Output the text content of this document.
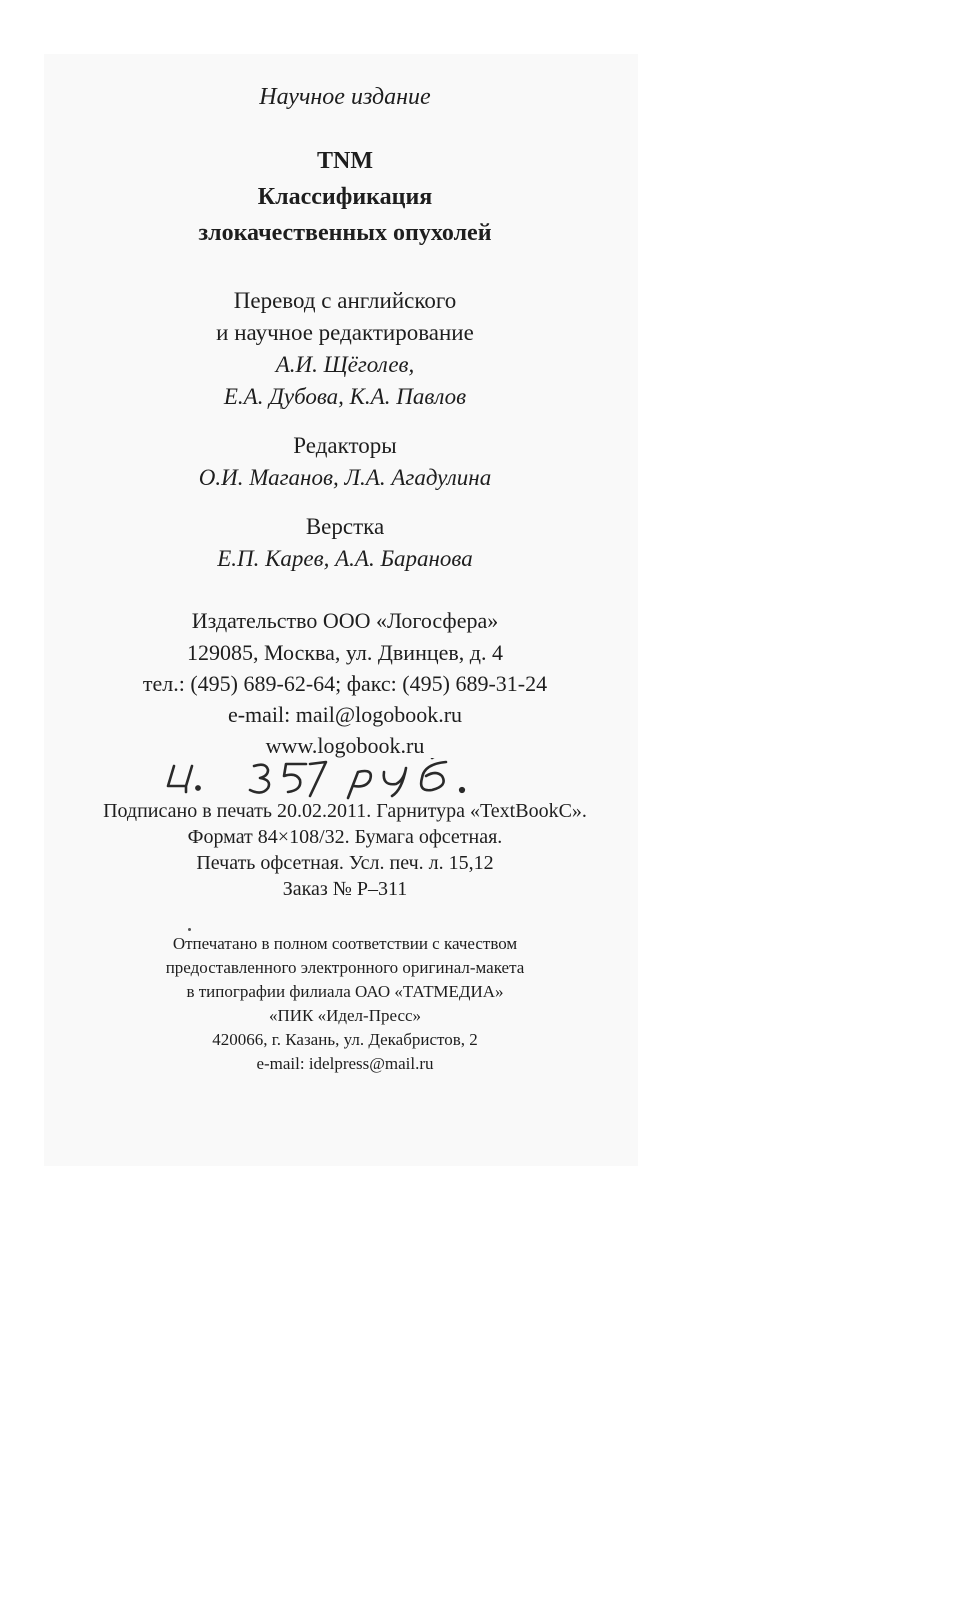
Научное издание
TNM
Классификация
злокачественных опухолей
Перевод с английского
и научное редактирование
А.И. Щёголев,
Е.А. Дубова, К.А. Павлов
Редакторы
О.И. Маганов, Л.А. Агадулина
Верстка
Е.П. Карев, А.А. Баранова
Издательство ООО «Логосфера»
129085, Москва, ул. Двинцев, д. 4
тел.: (495) 689-62-64; факс: (495) 689-31-24
e-mail: mail@logobook.ru
www.logobook.ru
Подписано в печать 20.02.2011. Гарнитура «TextBookC».
Формат 84×108/32. Бумага офсетная.
Печать офсетная. Усл. печ. л. 15,12
Заказ № Р–311
Отпечатано в полном соответствии с качеством
предоставленного электронного оригинал-макета
в типографии филиала ОАО «ТАТМЕДИА»
«ПИК «Идел-Пресс»
420066, г. Казань, ул. Декабристов, 2
e-mail: idelpress@mail.ru
